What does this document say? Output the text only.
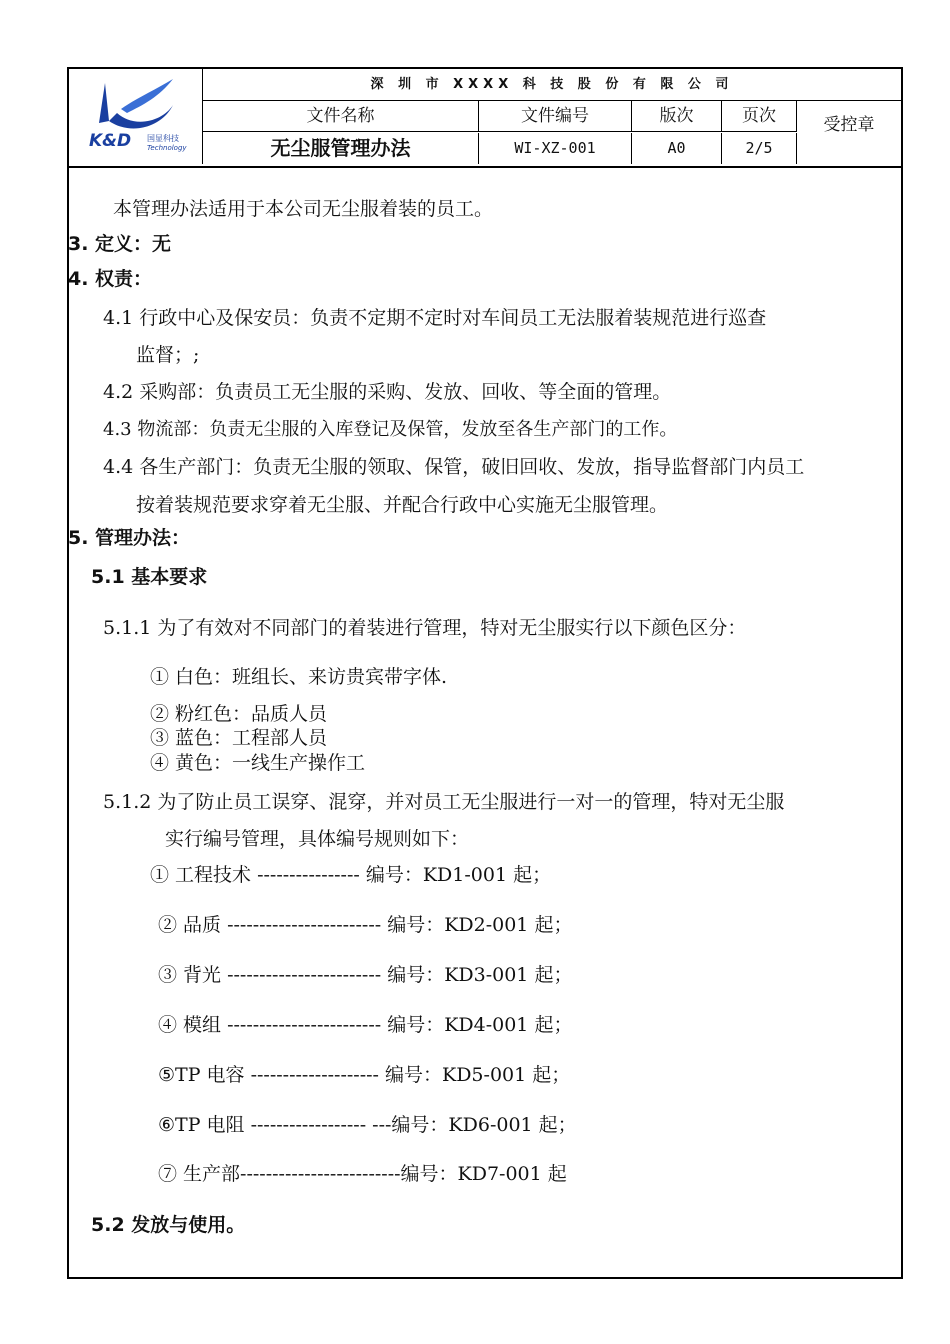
K&D 国显科技
Technology
深 圳 市 XXXX 科 技 股 份 有 限 公 司
文件名称	文件编号	版次	页次
无尘服管理办法	WI-XZ-001	A0	2/5
受控章
本管理办法适用于本公司无尘服着装的员工。
3. 定义：无
4. 权责：
4.1 行政中心及保安员：负责不定期不定时对车间员工无法服着装规范进行巡查
监督；;
4.2 采购部：负责员工无尘服的采购、发放、回收、等全面的管理。
4.3 物流部：负责无尘服的入库登记及保管，发放至各生产部门的工作。
4.4 各生产部门：负责无尘服的领取、保管，破旧回收、发放，指导监督部门内员工
按着装规范要求穿着无尘服、并配合行政中心实施无尘服管理。
5. 管理办法：
5.1 基本要求
5.1.1 为了有效对不同部门的着装进行管理，特对无尘服实行以下颜色区分：
① 白色：班组长、来访贵宾带字体.
② 粉红色：品质人员
③ 蓝色：工程部人员
④ 黄色：一线生产操作工
5.1.2 为了防止员工误穿、混穿，并对员工无尘服进行一对一的管理，特对无尘服
实行编号管理，具体编号规则如下：
① 工程技术 ---------------- 编号：KD1-001 起；
② 品质 ------------------------ 编号：KD2-001 起；
③ 背光 ------------------------ 编号：KD3-001 起；
④ 模组 ------------------------ 编号：KD4-001 起；
⑤TP 电容 -------------------- 编号：KD5-001 起；
⑥TP 电阻 ------------------ ---编号：KD6-001 起；
⑦ 生产部-------------------------编号：KD7-001 起
5.2 发放与使用。
